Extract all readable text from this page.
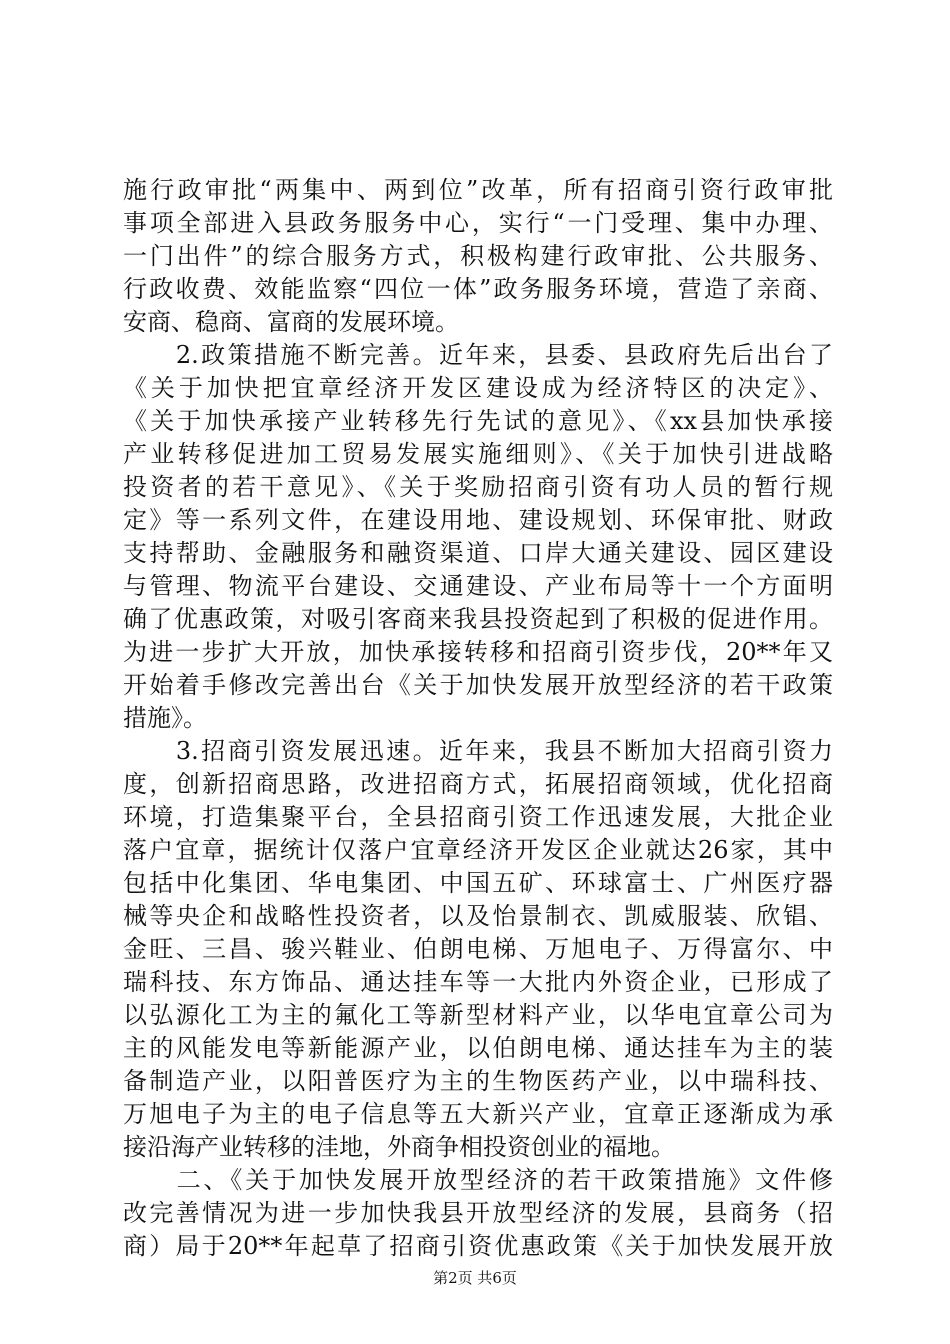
施行政审批“两集中、两到位”改革，所有招商引资行政审批
事项全部进入县政务服务中心，实行“一门受理、集中办理、
一门出件”的综合服务方式，积极构建行政审批、公共服务、
行政收费、效能监察“四位一体”政务服务环境，营造了亲商、
安商、稳商、富商的发展环境。
　　2.政策措施不断完善。近年来，县委、县政府先后出台了
《关于加快把宜章经济开发区建设成为经济特区的决定》、
《关于加快承接产业转移先行先试的意见》、《xx县加快承接
产业转移促进加工贸易发展实施细则》、《关于加快引进战略
投资者的若干意见》、《关于奖励招商引资有功人员的暂行规
定》等一系列文件，在建设用地、建设规划、环保审批、财政
支持帮助、金融服务和融资渠道、口岸大通关建设、园区建设
与管理、物流平台建设、交通建设、产业布局等十一个方面明
确了优惠政策，对吸引客商来我县投资起到了积极的促进作用。
为进一步扩大开放，加快承接转移和招商引资步伐，20**年又
开始着手修改完善出台《关于加快发展开放型经济的若干政策
措施》。
　　3.招商引资发展迅速。近年来，我县不断加大招商引资力
度，创新招商思路，改进招商方式，拓展招商领域，优化招商
环境，打造集聚平台，全县招商引资工作迅速发展，大批企业
落户宜章，据统计仅落户宜章经济开发区企业就达26家，其中
包括中化集团、华电集团、中国五矿、环球富士、广州医疗器
械等央企和战略性投资者，以及怡景制衣、凯威服装、欣锠、
金旺、三昌、骏兴鞋业、伯朗电梯、万旭电子、万得富尔、中
瑞科技、东方饰品、通达挂车等一大批内外资企业，已形成了
以弘源化工为主的氟化工等新型材料产业，以华电宜章公司为
主的风能发电等新能源产业，以伯朗电梯、通达挂车为主的装
备制造产业，以阳普医疗为主的生物医药产业，以中瑞科技、
万旭电子为主的电子信息等五大新兴产业，宜章正逐渐成为承
接沿海产业转移的洼地，外商争相投资创业的福地。
　　二、《关于加快发展开放型经济的若干政策措施》文件修
改完善情况为进一步加快我县开放型经济的发展，县商务（招
商）局于20**年起草了招商引资优惠政策《关于加快发展开放
第2页 共6页
